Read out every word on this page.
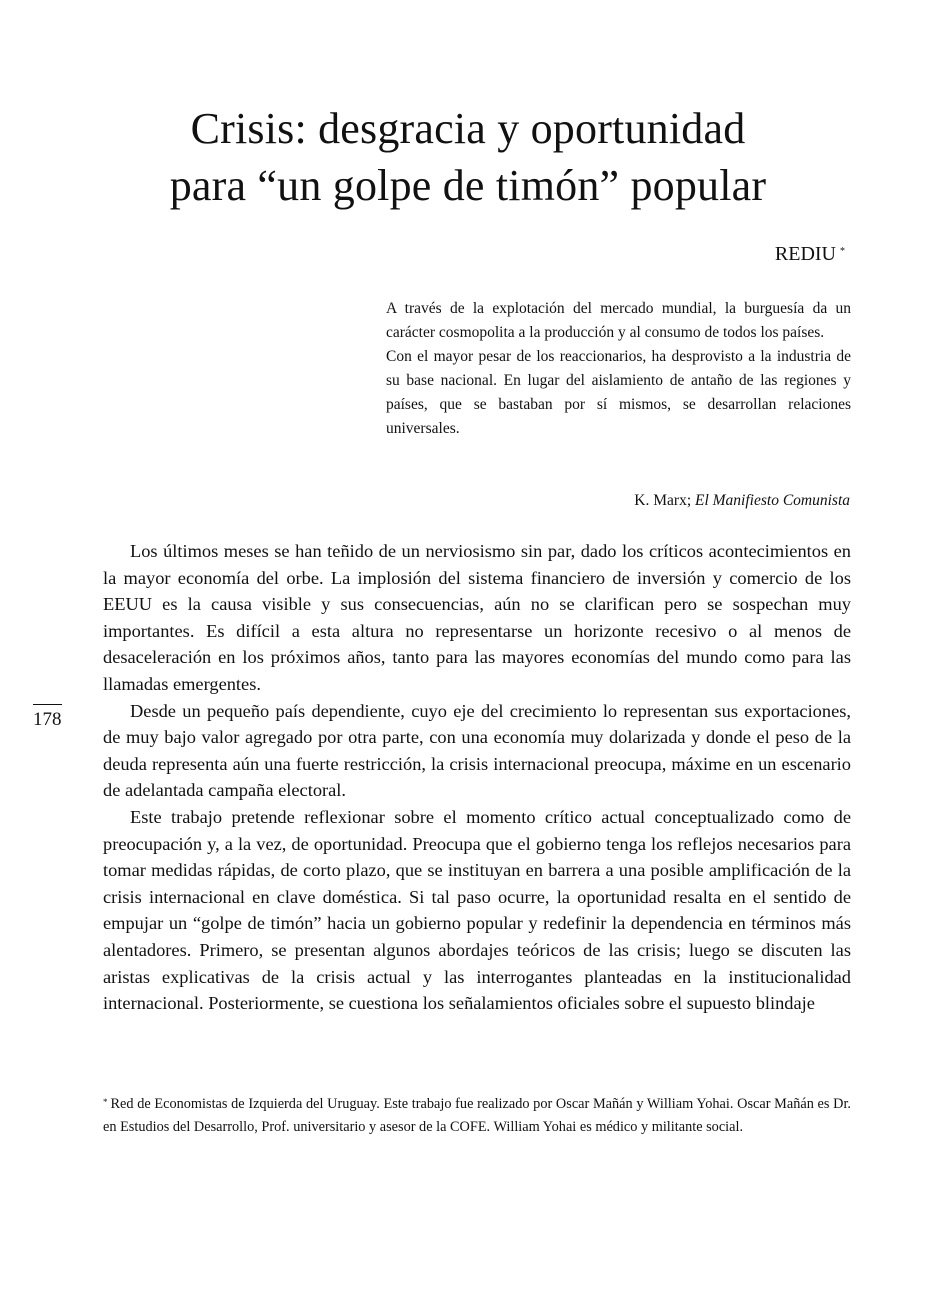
Crisis: desgracia y oportunidad
para “un golpe de timón” popular
REDIU *

A través de la explotación del mercado mundial, la burguesía da un carácter cosmopolita a la producción y al consumo de todos los países.

Con el mayor pesar de los reaccionarios, ha desprovisto a la industria de su base nacional. En lugar del aislamiento de antaño de las regiones y países, que se bastaban por sí mismos, se desarrollan relaciones universales.

K. Marx; El Manifiesto Comunista

Los últimos meses se han teñido de un nerviosismo sin par, dado los críticos acontecimientos en la mayor economía del orbe. La implosión del sistema financiero de inversión y comercio de los EEUU es la causa visible y sus consecuencias, aún no se clarifican pero se sospechan muy importantes. Es difícil a esta altura no representarse un horizonte recesivo o al menos de desaceleración en los próximos años, tanto para las mayores economías del mundo como para las llamadas emergentes.

Desde un pequeño país dependiente, cuyo eje del crecimiento lo representan sus exportaciones, de muy bajo valor agregado por otra parte, con una economía muy dolarizada y donde el peso de la deuda representa aún una fuerte restricción, la crisis internacional preocupa, máxime en un escenario de adelantada campaña electoral.

Este trabajo pretende reflexionar sobre el momento crítico actual conceptualizado como de preocupación y, a la vez, de oportunidad. Preocupa que el gobierno tenga los reflejos necesarios para tomar medidas rápidas, de corto plazo, que se instituyan en barrera a una posible amplificación de la crisis internacional en clave doméstica. Si tal paso ocurre, la oportunidad resalta en el sentido de empujar un “golpe de timón” hacia un gobierno popular y redefinir la dependencia en términos más alentadores. Primero, se presentan algunos abordajes teóricos de las crisis; luego se discuten las aristas explicativas de la crisis actual y las interrogantes planteadas en la institucionalidad internacional. Posteriormente, se cuestiona los señalamientos oficiales sobre el supuesto blindaje

178
* Red de Economistas de Izquierda del Uruguay. Este trabajo fue realizado por Oscar Mañán y William Yohai. Oscar Mañán es Dr. en Estudios del Desarrollo, Prof. universitario y asesor de la COFE. William Yohai es médico y militante social.
